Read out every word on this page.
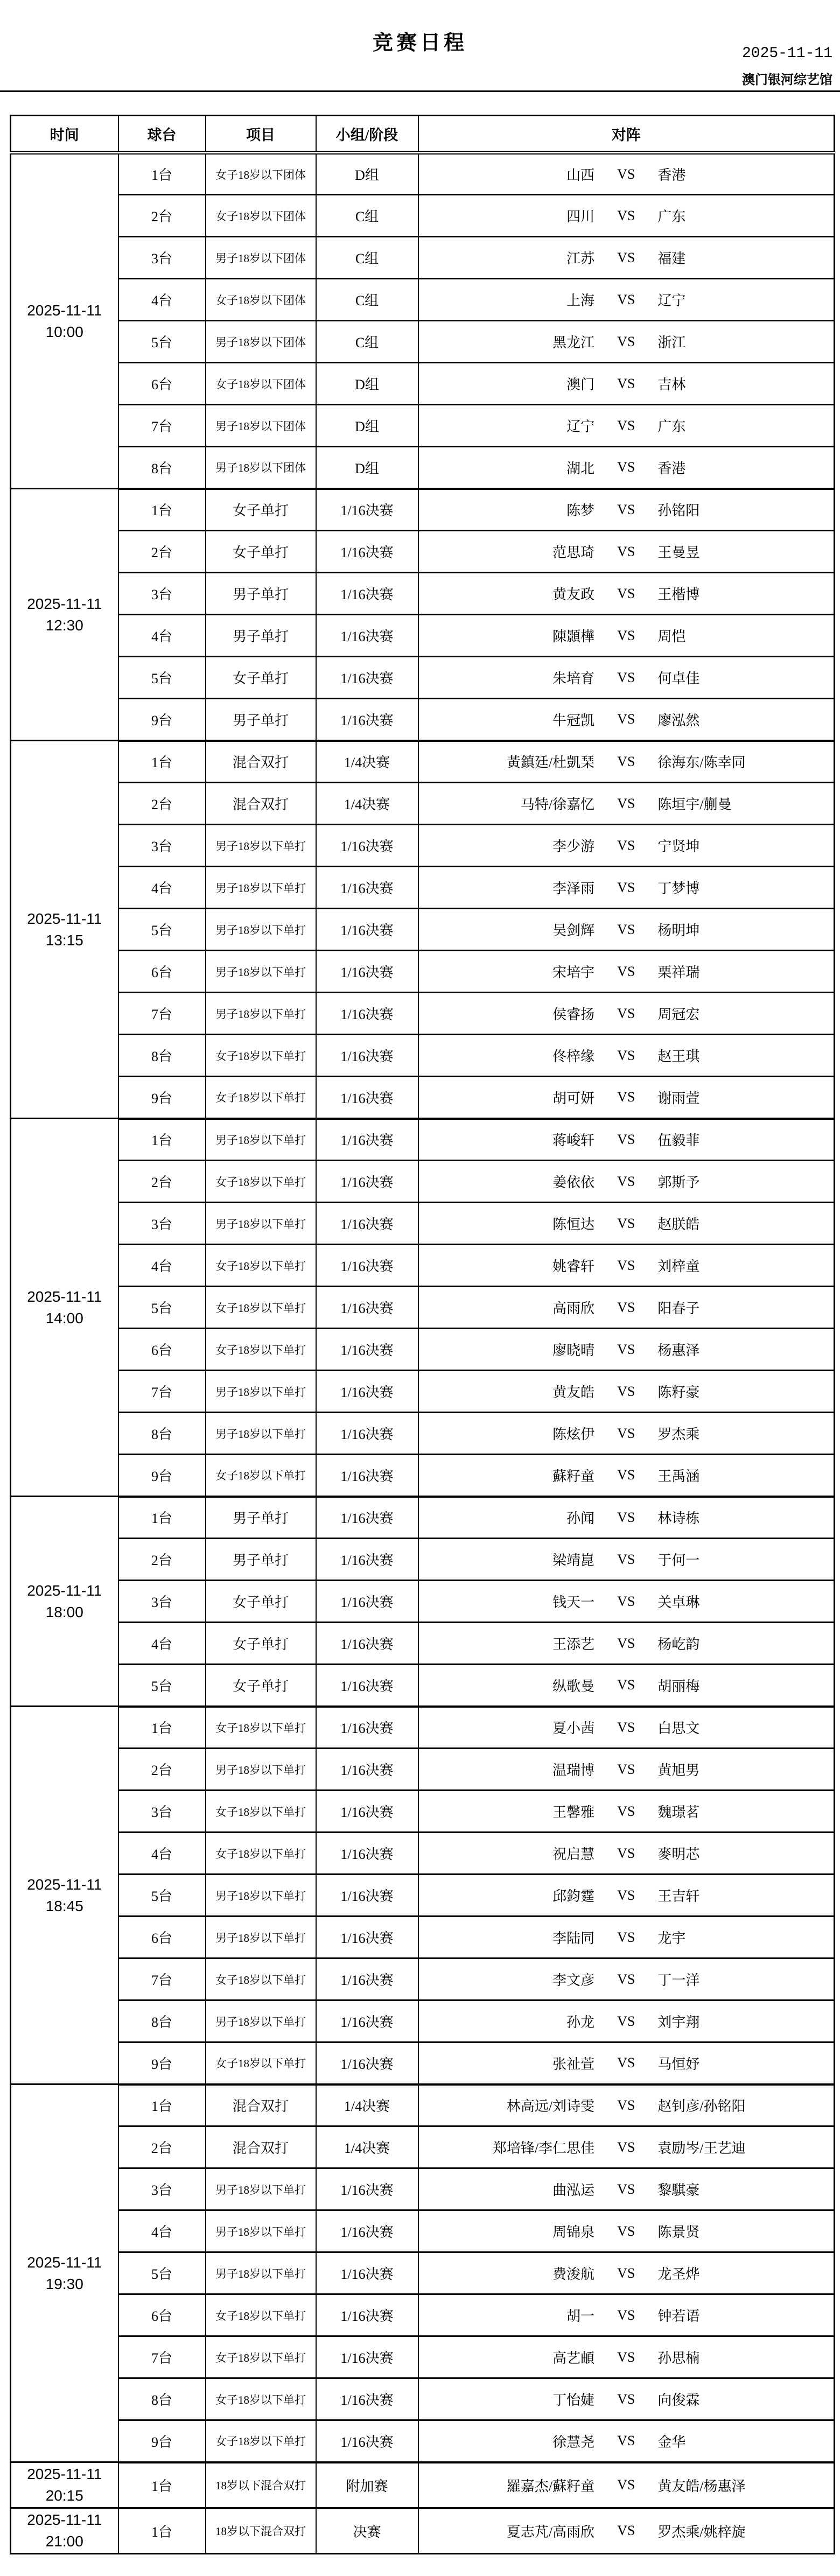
竞赛日程	2025-11-11
澳门银河综艺馆
时间	球台	项目	小组/阶段	对阵

2025-11-11
10:00
	1台	女子18岁以下团体	D组	山西 VS 香港

	2台	女子18岁以下团体	C组	四川 VS 广东

	3台	男子18岁以下团体	C组	江苏 VS 福建

	4台	女子18岁以下团体	C组	上海 VS 辽宁

	5台	男子18岁以下团体	C组	黑龙江 VS 浙江

	6台	女子18岁以下团体	D组	澳门 VS 吉林

	7台	男子18岁以下团体	D组	辽宁 VS 广东

	8台	男子18岁以下团体	D组	湖北 VS 香港

2025-11-11
12:30
	1台	女子单打	1/16决赛	陈梦 VS 孙铭阳

	2台	女子单打	1/16决赛	范思琦 VS 王曼昱

	3台	男子单打	1/16决赛	黄友政 VS 王楷博

	4台	男子单打	1/16决赛	陳顥樺 VS 周恺

	5台	女子单打	1/16决赛	朱培育 VS 何卓佳

	9台	男子单打	1/16决赛	牛冠凯 VS 廖泓然

2025-11-11
13:15
	1台	混合双打	1/4决赛	黃鎮廷/杜凱琹 VS 徐海东/陈幸同

	2台	混合双打	1/4决赛	马特/徐嘉忆 VS 陈垣宇/蒯曼

	3台	男子18岁以下单打	1/16决赛	李少游 VS 宁贤坤

	4台	男子18岁以下单打	1/16决赛	李泽雨 VS 丁梦博

	5台	男子18岁以下单打	1/16决赛	吴剑辉 VS 杨明坤

	6台	男子18岁以下单打	1/16决赛	宋培宇 VS 栗祥瑞

	7台	男子18岁以下单打	1/16决赛	侯睿扬 VS 周冠宏

	8台	女子18岁以下单打	1/16决赛	佟梓缘 VS 赵王琪

	9台	女子18岁以下单打	1/16决赛	胡可妍 VS 谢雨萱

2025-11-11
14:00
	1台	男子18岁以下单打	1/16决赛	蒋峻轩 VS 伍毅菲

	2台	女子18岁以下单打	1/16决赛	姜依依 VS 郭斯予

	3台	男子18岁以下单打	1/16决赛	陈恒达 VS 赵朕皓

	4台	女子18岁以下单打	1/16决赛	姚睿轩 VS 刘梓童

	5台	女子18岁以下单打	1/16决赛	高雨欣 VS 阳春子

	6台	女子18岁以下单打	1/16决赛	廖晓晴 VS 杨惠泽

	7台	男子18岁以下单打	1/16决赛	黄友皓 VS 陈籽豪

	8台	男子18岁以下单打	1/16决赛	陈炫伊 VS 罗杰乘

	9台	女子18岁以下单打	1/16决赛	蘇籽童 VS 王禹涵

2025-11-11
18:00
	1台	男子单打	1/16决赛	孙闻 VS 林诗栋

	2台	男子单打	1/16决赛	梁靖崑 VS 于何一

	3台	女子单打	1/16决赛	钱天一 VS 关卓琳

	4台	女子单打	1/16决赛	王添艺 VS 杨屹韵

	5台	女子单打	1/16决赛	纵歌曼 VS 胡丽梅

2025-11-11
18:45
	1台	女子18岁以下单打	1/16决赛	夏小茜 VS 白思文

	2台	男子18岁以下单打	1/16决赛	温瑞博 VS 黄旭男

	3台	女子18岁以下单打	1/16决赛	王馨雅 VS 魏璟茗

	4台	女子18岁以下单打	1/16决赛	祝启慧 VS 麥明芯

	5台	男子18岁以下单打	1/16决赛	邱鈞霆 VS 王吉轩

	6台	男子18岁以下单打	1/16决赛	李陆同 VS 龙宇

	7台	女子18岁以下单打	1/16决赛	李文彦 VS 丁一洋

	8台	男子18岁以下单打	1/16决赛	孙龙 VS 刘宇翔

	9台	女子18岁以下单打	1/16决赛	张祉萱 VS 马恒妤

2025-11-11
19:30
	1台	混合双打	1/4决赛	林高远/刘诗雯 VS 赵钊彦/孙铭阳

	2台	混合双打	1/4决赛	郑培锋/李仁思佳 VS 袁励岑/王艺迪

	3台	男子18岁以下单打	1/16决赛	曲泓运 VS 黎騏豪

	4台	男子18岁以下单打	1/16决赛	周锦泉 VS 陈景贤

	5台	男子18岁以下单打	1/16决赛	费浚航 VS 龙圣烨

	6台	女子18岁以下单打	1/16决赛	胡一 VS 钟若语

	7台	女子18岁以下单打	1/16决赛	高艺頔 VS 孙思楠

	8台	女子18岁以下单打	1/16决赛	丁怡婕 VS 向俊霖

	9台	女子18岁以下单打	1/16决赛	徐慧尧 VS 金华

2025-11-11
20:15
	1台	18岁以下混合双打	附加赛	羅嘉杰/蘇籽童 VS 黄友皓/杨惠泽

2025-11-11
21:00
	1台	18岁以下混合双打	决赛	夏志芃/高雨欣 VS 罗杰乘/姚梓旋
